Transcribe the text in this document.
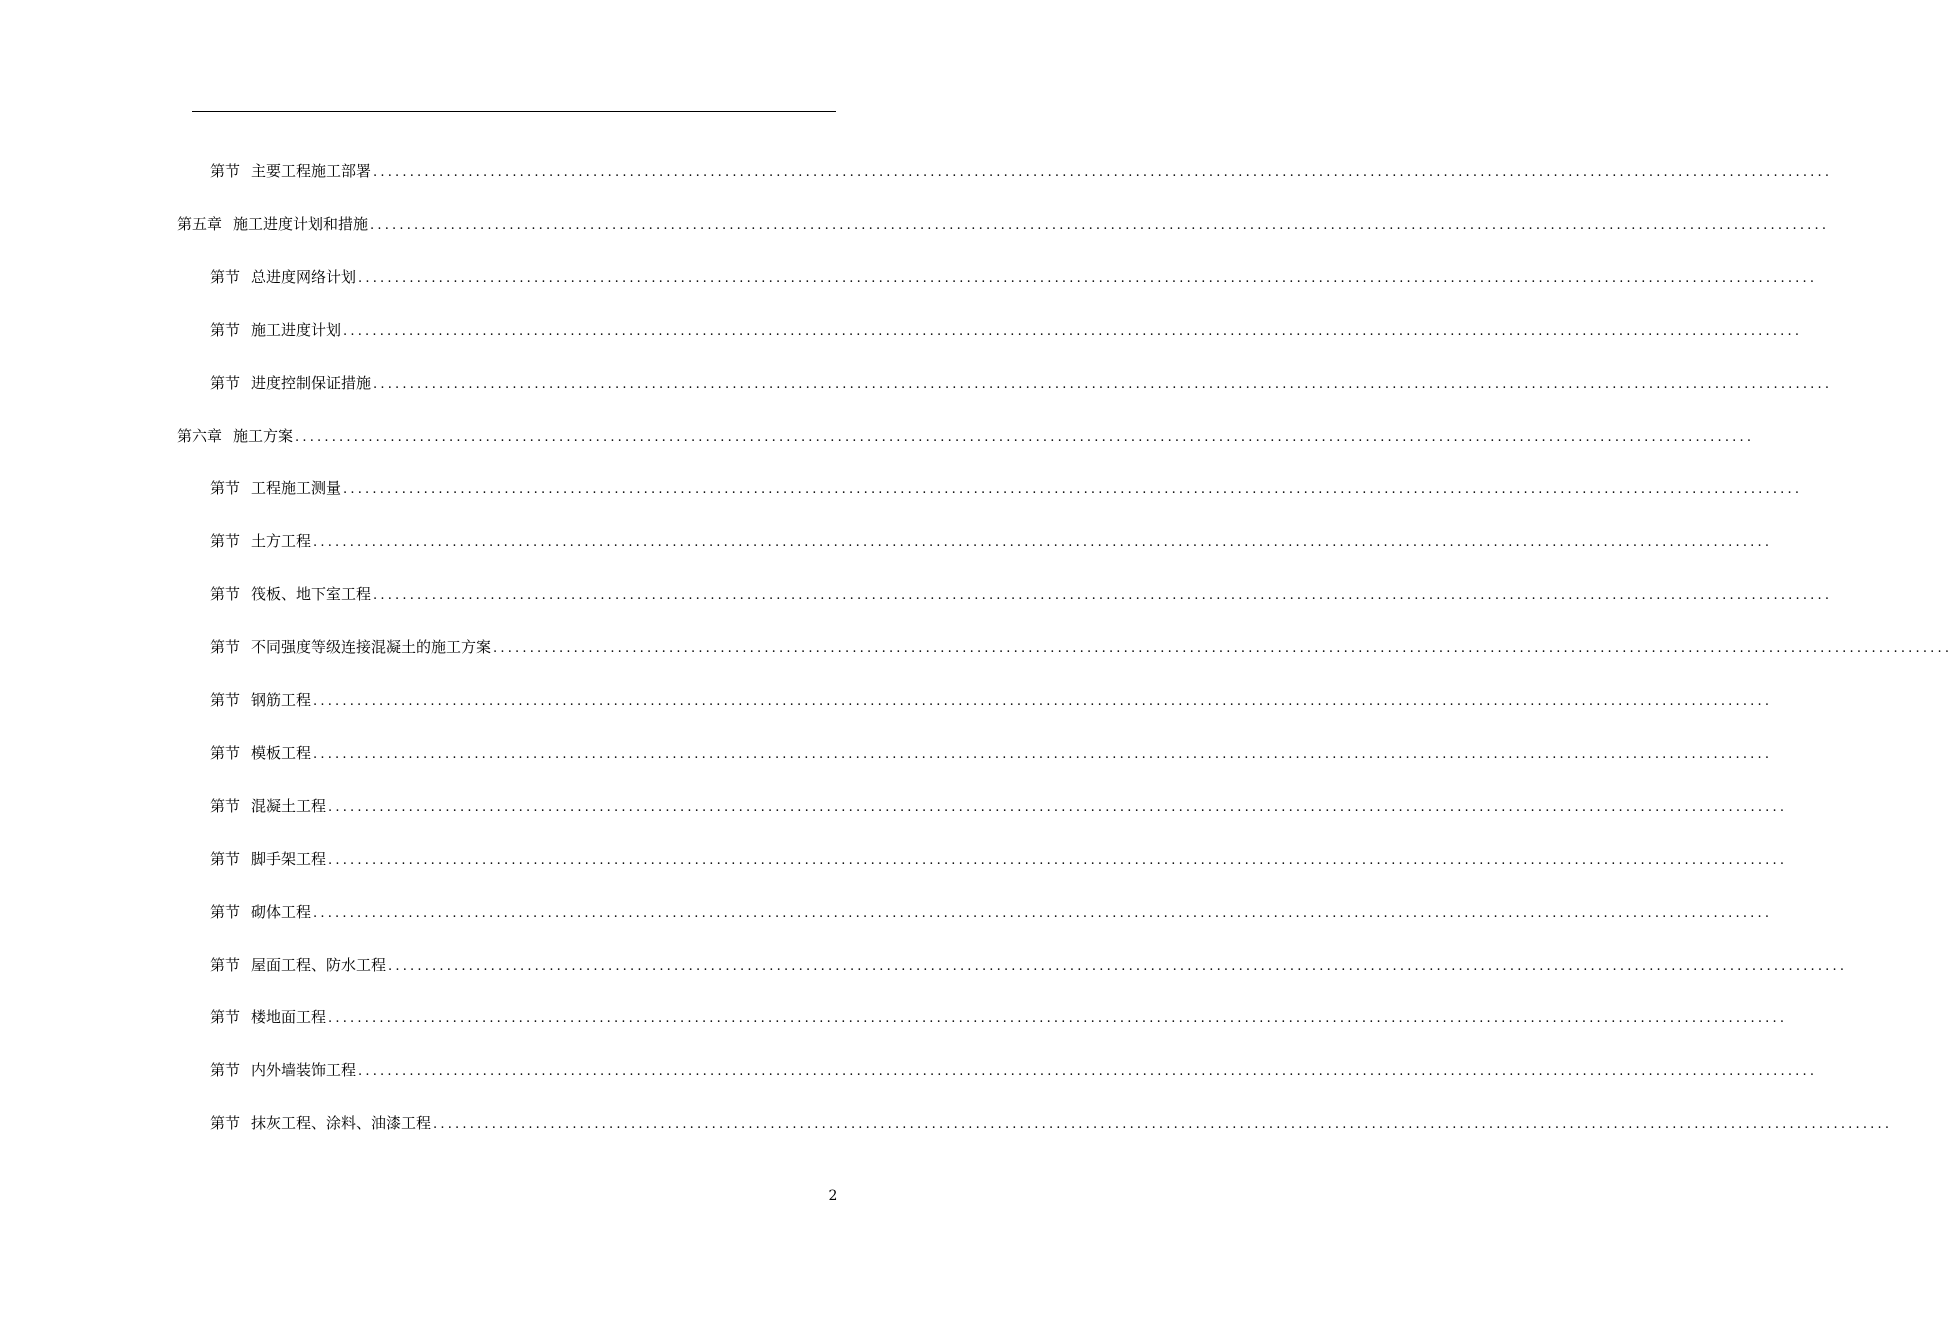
第节 主要工程施工部署 .......................................................................................................................................................................................................
第五章 施工进度计划和措施 .......................................................................................................................................................................................................
第节 总进度网络计划 .......................................................................................................................................................................................................
第节 施工进度计划 .......................................................................................................................................................................................................
第节 进度控制保证措施 .......................................................................................................................................................................................................
第六章 施工方案 .......................................................................................................................................................................................................
第节 工程施工测量 .......................................................................................................................................................................................................
第节 土方工程 .......................................................................................................................................................................................................
第节 筏板、地下室工程 .......................................................................................................................................................................................................
第节 不同强度等级连接混凝土的施工方案 .......................................................................................................................................................................................................
第节 钢筋工程 .......................................................................................................................................................................................................
第节 模板工程 .......................................................................................................................................................................................................
第节 混凝土工程 .......................................................................................................................................................................................................
第节 脚手架工程 .......................................................................................................................................................................................................
第节 砌体工程 .......................................................................................................................................................................................................
第节 屋面工程、防水工程 .......................................................................................................................................................................................................
第节 楼地面工程 .......................................................................................................................................................................................................
第节 内外墙装饰工程 .......................................................................................................................................................................................................
第节 抹灰工程、涂料、油漆工程 .......................................................................................................................................................................................................
2
